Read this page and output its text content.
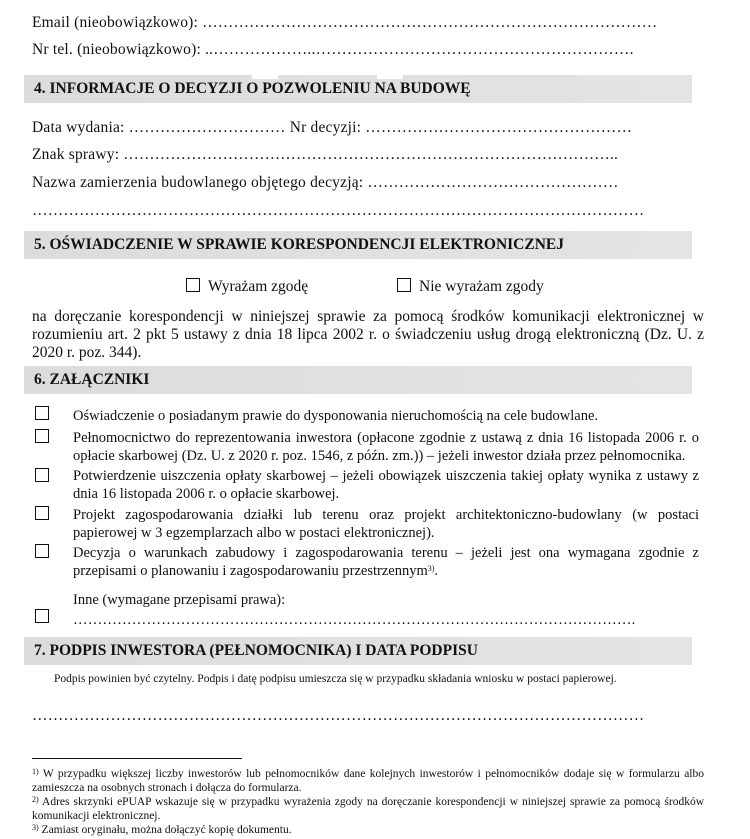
Email (nieobowiązkowo): ……………………………………………………………………………
Nr tel. (nieobowiązkowo): ..………………..…………………………………………………….
4. INFORMACJE O DECYZJI O POZWOLENIU NA BUDOWĘ
Data wydania: ………………………… Nr decyzji: ……………………………………………
Znak sprawy: …………………………………………………………………………………..
Nazwa zamierzenia budowlanego objętego decyzją: …………………………………………
………………………………………………………………………………………………………
5. OŚWIADCZENIE W SPRAWIE KORESPONDENCJI ELEKTRONICZNEJ
Wyrażam zgodę	Nie wyrażam zgody
na doręczanie korespondencji w niniejszej sprawie za pomocą środków komunikacji elektronicznej w rozumieniu art. 2 pkt 5 ustawy z dnia 18 lipca 2002 r. o świadczeniu usług drogą elektroniczną (Dz. U. z 2020 r. poz. 344).
6. ZAŁĄCZNIKI
Oświadczenie o posiadanym prawie do dysponowania nieruchomością na cele budowlane.
Pełnomocnictwo do reprezentowania inwestora (opłacone zgodnie z ustawą z dnia 16 listopada 2006 r. o opłacie skarbowej (Dz. U. z 2020 r. poz. 1546, z późn. zm.)) – jeżeli inwestor działa przez pełnomocnika.
Potwierdzenie uiszczenia opłaty skarbowej – jeżeli obowiązek uiszczenia takiej opłaty wynika z ustawy z dnia 16 listopada 2006 r. o opłacie skarbowej.
Projekt zagospodarowania działki lub terenu oraz projekt architektoniczno-budowlany (w postaci papierowej w 3 egzemplarzach albo w postaci elektronicznej).
Decyzja o warunkach zabudowy i zagospodarowania terenu – jeżeli jest ona wymagana zgodnie z przepisami o planowaniu i zagospodarowaniu przestrzennym$^{3)}$.
Inne (wymagane przepisami prawa):
…………………………………………………………………………………………………….
7. PODPIS INWESTORA (PEŁNOMOCNIKA) I DATA PODPISU
Podpis powinien być czytelny. Podpis i datę podpisu umieszcza się w przypadku składania wniosku w postaci papierowej.
………………………………………………………………………………………………………
$^{1)}$ W przypadku większej liczby inwestorów lub pełnomocników dane kolejnych inwestorów i pełnomocników dodaje się w formularzu albo zamieszcza na osobnych stronach i dołącza do formularza.
$^{2)}$ Adres skrzynki ePUAP wskazuje się w przypadku wyrażenia zgody na doręczanie korespondencji w niniejszej sprawie za pomocą środków komunikacji elektronicznej.
$^{3)}$ Zamiast oryginału, można dołączyć kopię dokumentu.
